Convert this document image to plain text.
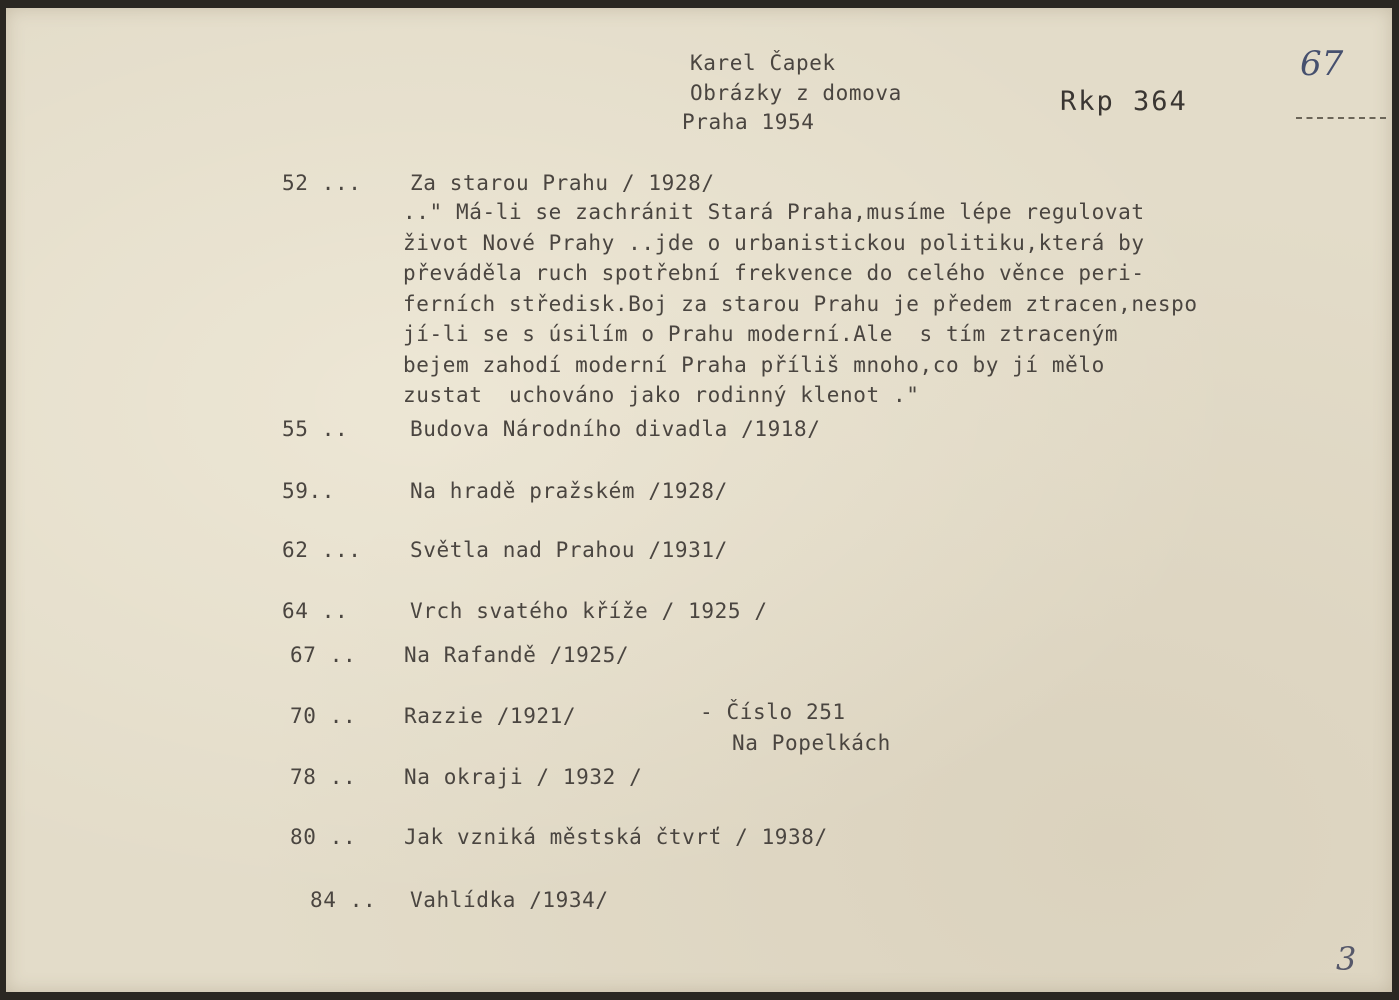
Karel Čapek
Obrázky z domova
Praha 1954
Rkp 364
67
52 ... Za starou Prahu / 1928/
.." Má-li se zachránit Stará Praha,musíme lépe regulovat
život Nové Prahy ..jde o urbanistickou politiku,která by
převáděla ruch spotřební frekvence do celého věnce peri-
ferních středisk.Boj za starou Prahu je předem ztracen,nespo
jí-li se s úsilím o Prahu moderní.Ale  s tím ztraceným
bejem zahodí moderní Praha příliš mnoho,co by jí mělo
zustat  uchováno jako rodinný klenot ."
55 ..	Budova Národního divadla /1918/
59..	Na hradě pražském /1928/
62 ... Světla nad Prahou /1931/
64 ..	Vrch svatého kříže / 1925 /
67 .. Na Rafandě /1925/
70 .. Razzie /1921/	- Číslo 251
Na Popelkách
78 .. Na okraji / 1932 /
80 .. Jak vzniká městská čtvrť / 1938/
84 .. Vahlídka /1934/
3
